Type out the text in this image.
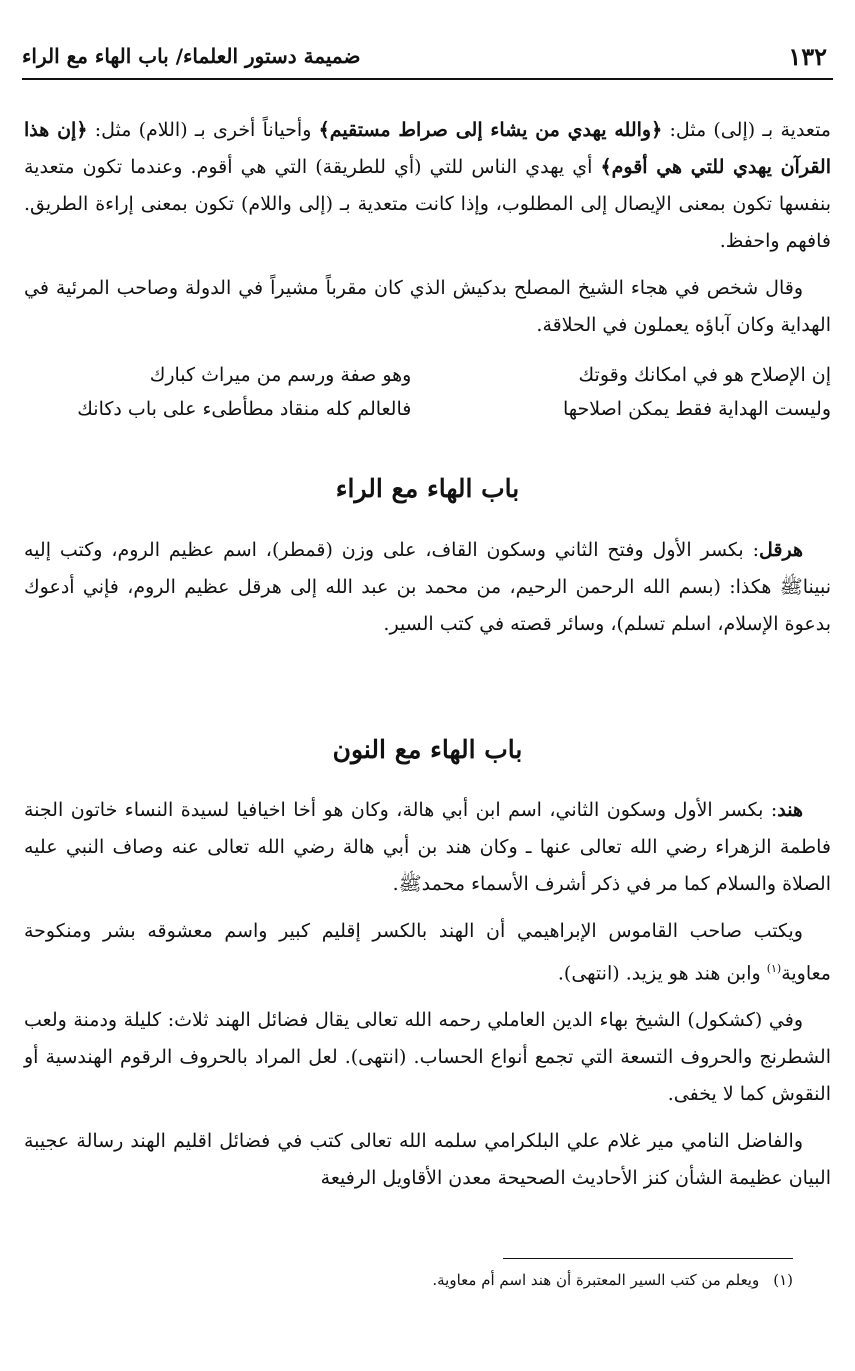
١٣٢
ضميمة دستور العلماء/ باب الهاء مع الراء

متعدية بـ (إلى) مثل: ﴿والله يهدي من يشاء إلى صراط مستقيم﴾ وأحياناً أخرى بـ (اللام) مثل: ﴿إن هذا القرآن يهدي للتي هي أقوم﴾ أي يهدي الناس للتي (أي للطريقة) التي هي أقوم. وعندما تكون متعدية بنفسها تكون بمعنى الإيصال إلى المطلوب، وإذا كانت متعدية بـ (إلى واللام) تكون بمعنى إراءة الطريق. فافهم واحفظ.

وقال شخص في هجاء الشيخ المصلح بدكيش الذي كان مقرباً مشيراً في الدولة وصاحب المرئية في الهداية وكان آباؤه يعملون في الحلاقة.

إن الإصلاح هو في امكانك وقوتك
وهو صفة ورسم من ميراث كبارك
وليست الهداية فقط يمكن اصلاحها
فالعالم كله منقاد مطأطىء على باب دكانك
باب الهاء مع الراء

هرقل: بكسر الأول وفتح الثاني وسكون القاف، على وزن (قمطر)، اسم عظيم الروم، وكتب إليه نبيناﷺ هكذا: (بسم الله الرحمن الرحيم، من محمد بن عبد الله إلى هرقل عظيم الروم، فإني أدعوك بدعوة الإسلام، اسلم تسلم)، وسائر قصته في كتب السير.

باب الهاء مع النون

هند: بكسر الأول وسكون الثاني، اسم ابن أبي هالة، وكان هو أخا اخيافيا لسيدة النساء خاتون الجنة فاطمة الزهراء رضي الله تعالى عنها ـ وكان هند بن أبي هالة رضي الله تعالى عنه وصاف النبي عليه الصلاة والسلام كما مر في ذكر أشرف الأسماء محمدﷺ.

ويكتب صاحب القاموس الإبراهيمي أن الهند بالكسر إقليم كبير واسم معشوقه بشر ومنكوحة معاوية$^{(١)}$ وابن هند هو يزيد. (انتهى).

وفي (كشكول) الشيخ بهاء الدين العاملي رحمه الله تعالى يقال فضائل الهند ثلاث: كليلة ودمنة ولعب الشطرنج والحروف التسعة التي تجمع أنواع الحساب. (انتهى). لعل المراد بالحروف الرقوم الهندسية أو النقوش كما لا يخفى.

والفاضل النامي مير غلام علي البلكرامي سلمه الله تعالى كتب في فضائل اقليم الهند رسالة عجيبة البيان عظيمة الشأن كنز الأحاديث الصحيحة معدن الأقاويل الرفيعة

(١)ويعلم من كتب السير المعتبرة أن هند اسم أم معاوية.
